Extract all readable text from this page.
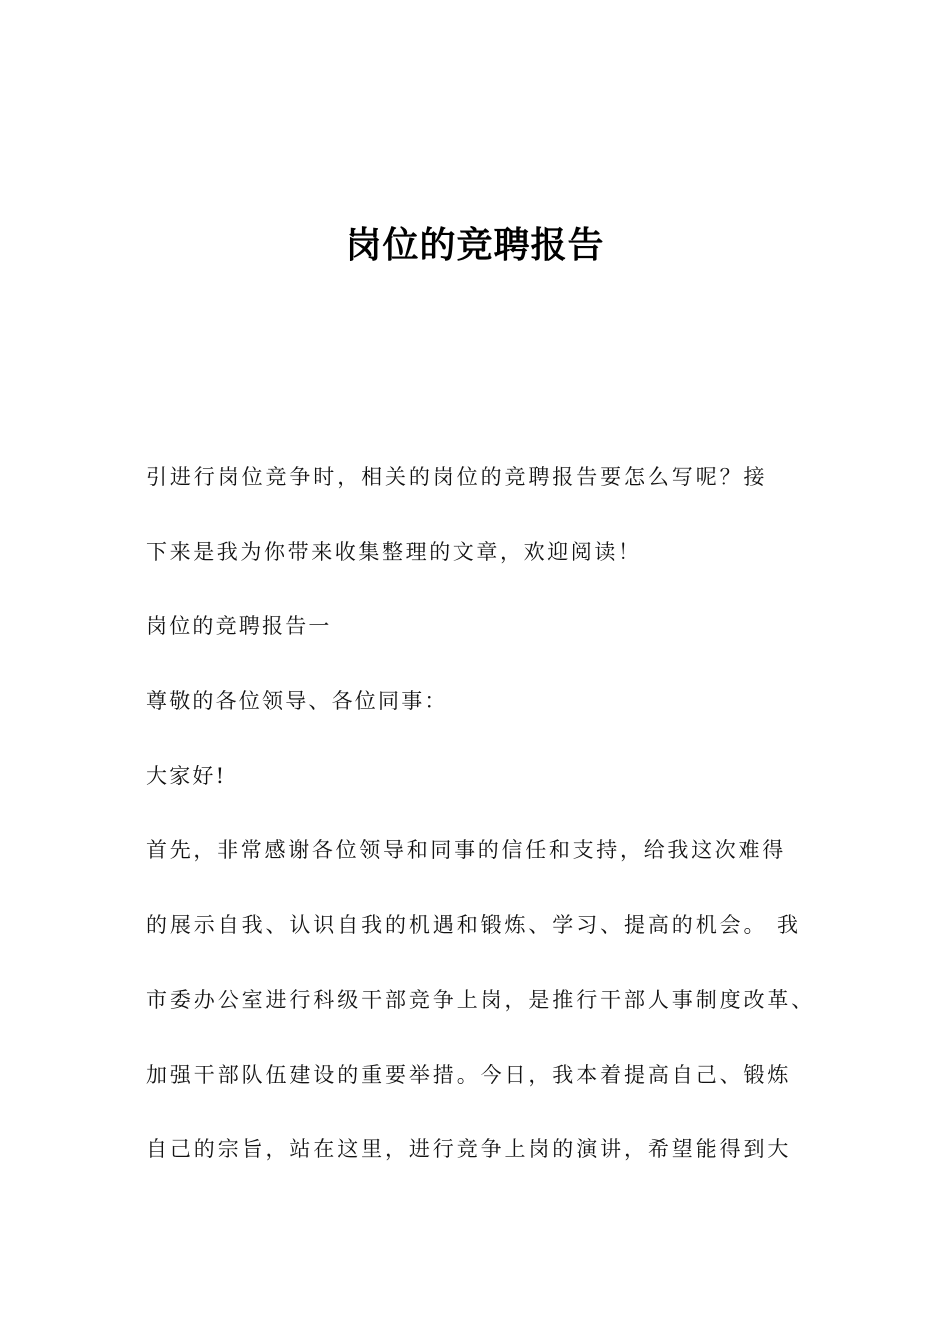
岗位的竞聘报告
引进行岗位竞争时，相关的岗位的竞聘报告要怎么写呢？接
下来是我为你带来收集整理的文章，欢迎阅读！
岗位的竞聘报告一
尊敬的各位领导、各位同事：
大家好!
首先，非常感谢各位领导和同事的信任和支持，给我这次难得
的展示自我、认识自我的机遇和锻炼、学习、提高的机会。 我
市委办公室进行科级干部竞争上岗，是推行干部人事制度改革、
加强干部队伍建设的重要举措。今日，我本着提高自己、锻炼
自己的宗旨，站在这里，进行竞争上岗的演讲，希望能得到大
